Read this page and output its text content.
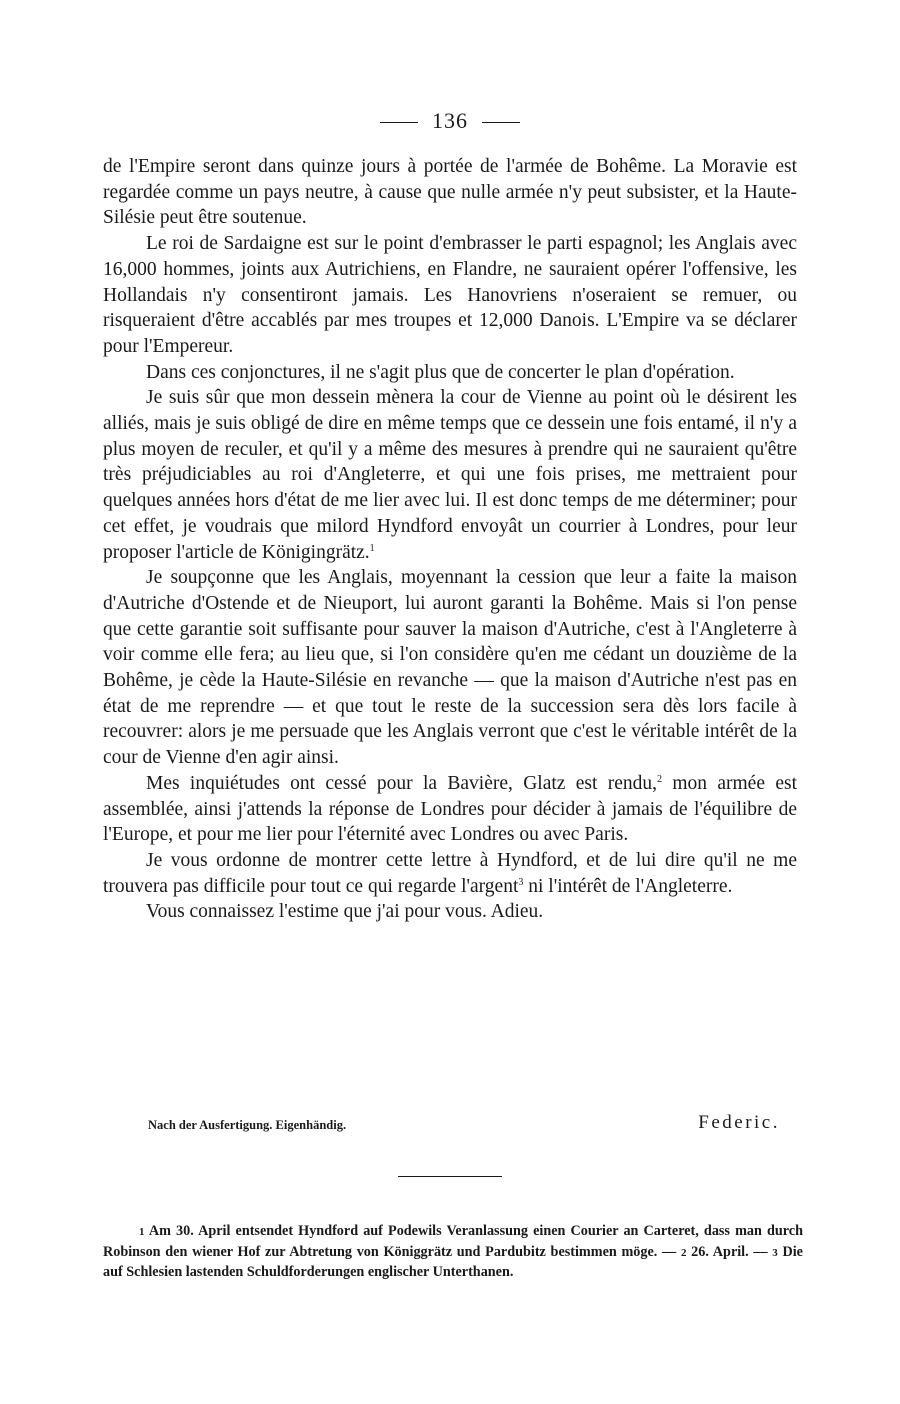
136

de l'Empire seront dans quinze jours à portée de l'armée de Bohême. La Moravie est regardée comme un pays neutre, à cause que nulle armée n'y peut subsister, et la Haute-Silésie peut être soutenue.

Le roi de Sardaigne est sur le point d'embrasser le parti espagnol; les Anglais avec 16,000 hommes, joints aux Autrichiens, en Flandre, ne sauraient opérer l'offensive, les Hollandais n'y consentiront jamais. Les Hanovriens n'oseraient se remuer, ou risqueraient d'être accablés par mes troupes et 12,000 Danois. L'Empire va se déclarer pour l'Empereur.

Dans ces conjonctures, il ne s'agit plus que de concerter le plan d'opération.

Je suis sûr que mon dessein mènera la cour de Vienne au point où le désirent les alliés, mais je suis obligé de dire en même temps que ce dessein une fois entamé, il n'y a plus moyen de reculer, et qu'il y a même des mesures à prendre qui ne sauraient qu'être très préjudiciables au roi d'Angleterre, et qui une fois prises, me mettraient pour quelques années hors d'état de me lier avec lui. Il est donc temps de me déterminer; pour cet effet, je voudrais que milord Hyndford envoyât un courrier à Londres, pour leur proposer l'article de Königingrätz.$^1$

Je soupçonne que les Anglais, moyennant la cession que leur a faite la maison d'Autriche d'Ostende et de Nieuport, lui auront garanti la Bohême. Mais si l'on pense que cette garantie soit suffisante pour sauver la maison d'Autriche, c'est à l'Angleterre à voir comme elle fera; au lieu que, si l'on considère qu'en me cédant un douzième de la Bohême, je cède la Haute-Silésie en revanche — que la maison d'Autriche n'est pas en état de me reprendre — et que tout le reste de la succession sera dès lors facile à recouvrer: alors je me persuade que les Anglais verront que c'est le véritable intérêt de la cour de Vienne d'en agir ainsi.

Mes inquiétudes ont cessé pour la Bavière, Glatz est rendu,$^2$ mon armée est assemblée, ainsi j'attends la réponse de Londres pour décider à jamais de l'équilibre de l'Europe, et pour me lier pour l'éternité avec Londres ou avec Paris.

Je vous ordonne de montrer cette lettre à Hyndford, et de lui dire qu'il ne me trouvera pas difficile pour tout ce qui regarde l'argent$^3$ ni l'intérêt de l'Angleterre.

Vous connaissez l'estime que j'ai pour vous. Adieu.

Nach der Ausfertigung. Eigenhändig.	Federic.

1 Am 30. April entsendet Hyndford auf Podewils Veranlassung einen Courier an Carteret, dass man durch Robinson den wiener Hof zur Abtretung von Königgrätz und Pardubitz bestimmen möge. — 2 26. April. — 3 Die auf Schlesien lastenden Schuldforderungen englischer Unterthanen.
